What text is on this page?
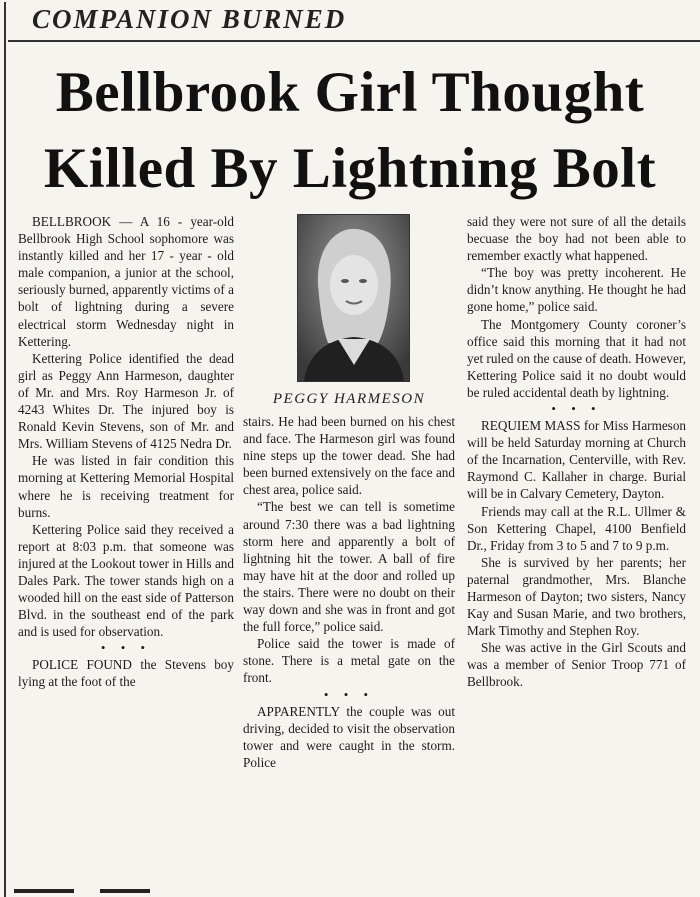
COMPANION BURNED
Bellbrook Girl Thought
Killed By Lightning Bolt

BELLBROOK — A 16 - year-old Bellbrook High School sophomore was instantly killed and her 17 - year - old male companion, a junior at the school, seriously burned, apparently victims of a bolt of lightning during a severe electrical storm Wednesday night in Kettering.

Kettering Police identified the dead girl as Peggy Ann Harmeson, daughter of Mr. and Mrs. Roy Harmeson Jr. of 4243 Whites Dr. The injured boy is Ronald Kevin Stevens, son of Mr. and Mrs. William Stevens of 4125 Nedra Dr.

He was listed in fair condition this morning at Kettering Memorial Hospital where he is receiving treatment for burns.

Kettering Police said they received a report at 8:03 p.m. that someone was injured at the Lookout tower in Hills and Dales Park. The tower stands high on a wooded hill on the east side of Patterson Blvd. in the southeast end of the park and is used for observation.

• • •

POLICE FOUND the Stevens boy lying at the foot of the

PEGGY HARMESON

stairs. He had been burned on his chest and face. The Harmeson girl was found nine steps up the tower dead. She had been burned extensively on the face and chest area, police said.

“The best we can tell is sometime around 7:30 there was a bad lightning storm here and apparently a bolt of lightning hit the tower. A ball of fire may have hit at the door and rolled up the stairs. There were no doubt on their way down and she was in front and got the full force,” police said.

Police said the tower is made of stone. There is a metal gate on the front.

• • •

APPARENTLY the couple was out driving, decided to visit the observation tower and were caught in the storm. Police

said they were not sure of all the details becuase the boy had not been able to remember exactly what happened.

“The boy was pretty incoherent. He didn’t know anything. He thought he had gone home,” police said.

The Montgomery County coroner’s office said this morning that it had not yet ruled on the cause of death. However, Kettering Police said it no doubt would be ruled accidental death by lightning.

• • •

REQUIEM MASS for Miss Harmeson will be held Saturday morning at Church of the Incarnation, Centerville, with Rev. Raymond C. Kallaher in charge. Burial will be in Calvary Cemetery, Dayton.

Friends may call at the R.L. Ullmer & Son Kettering Chapel, 4100 Benfield Dr., Friday from 3 to 5 and 7 to 9 p.m.

She is survived by her parents; her paternal grandmother, Mrs. Blanche Harmeson of Dayton; two sisters, Nancy Kay and Susan Marie, and two brothers, Mark Timothy and Stephen Roy.

She was active in the Girl Scouts and was a member of Senior Troop 771 of Bellbrook.
